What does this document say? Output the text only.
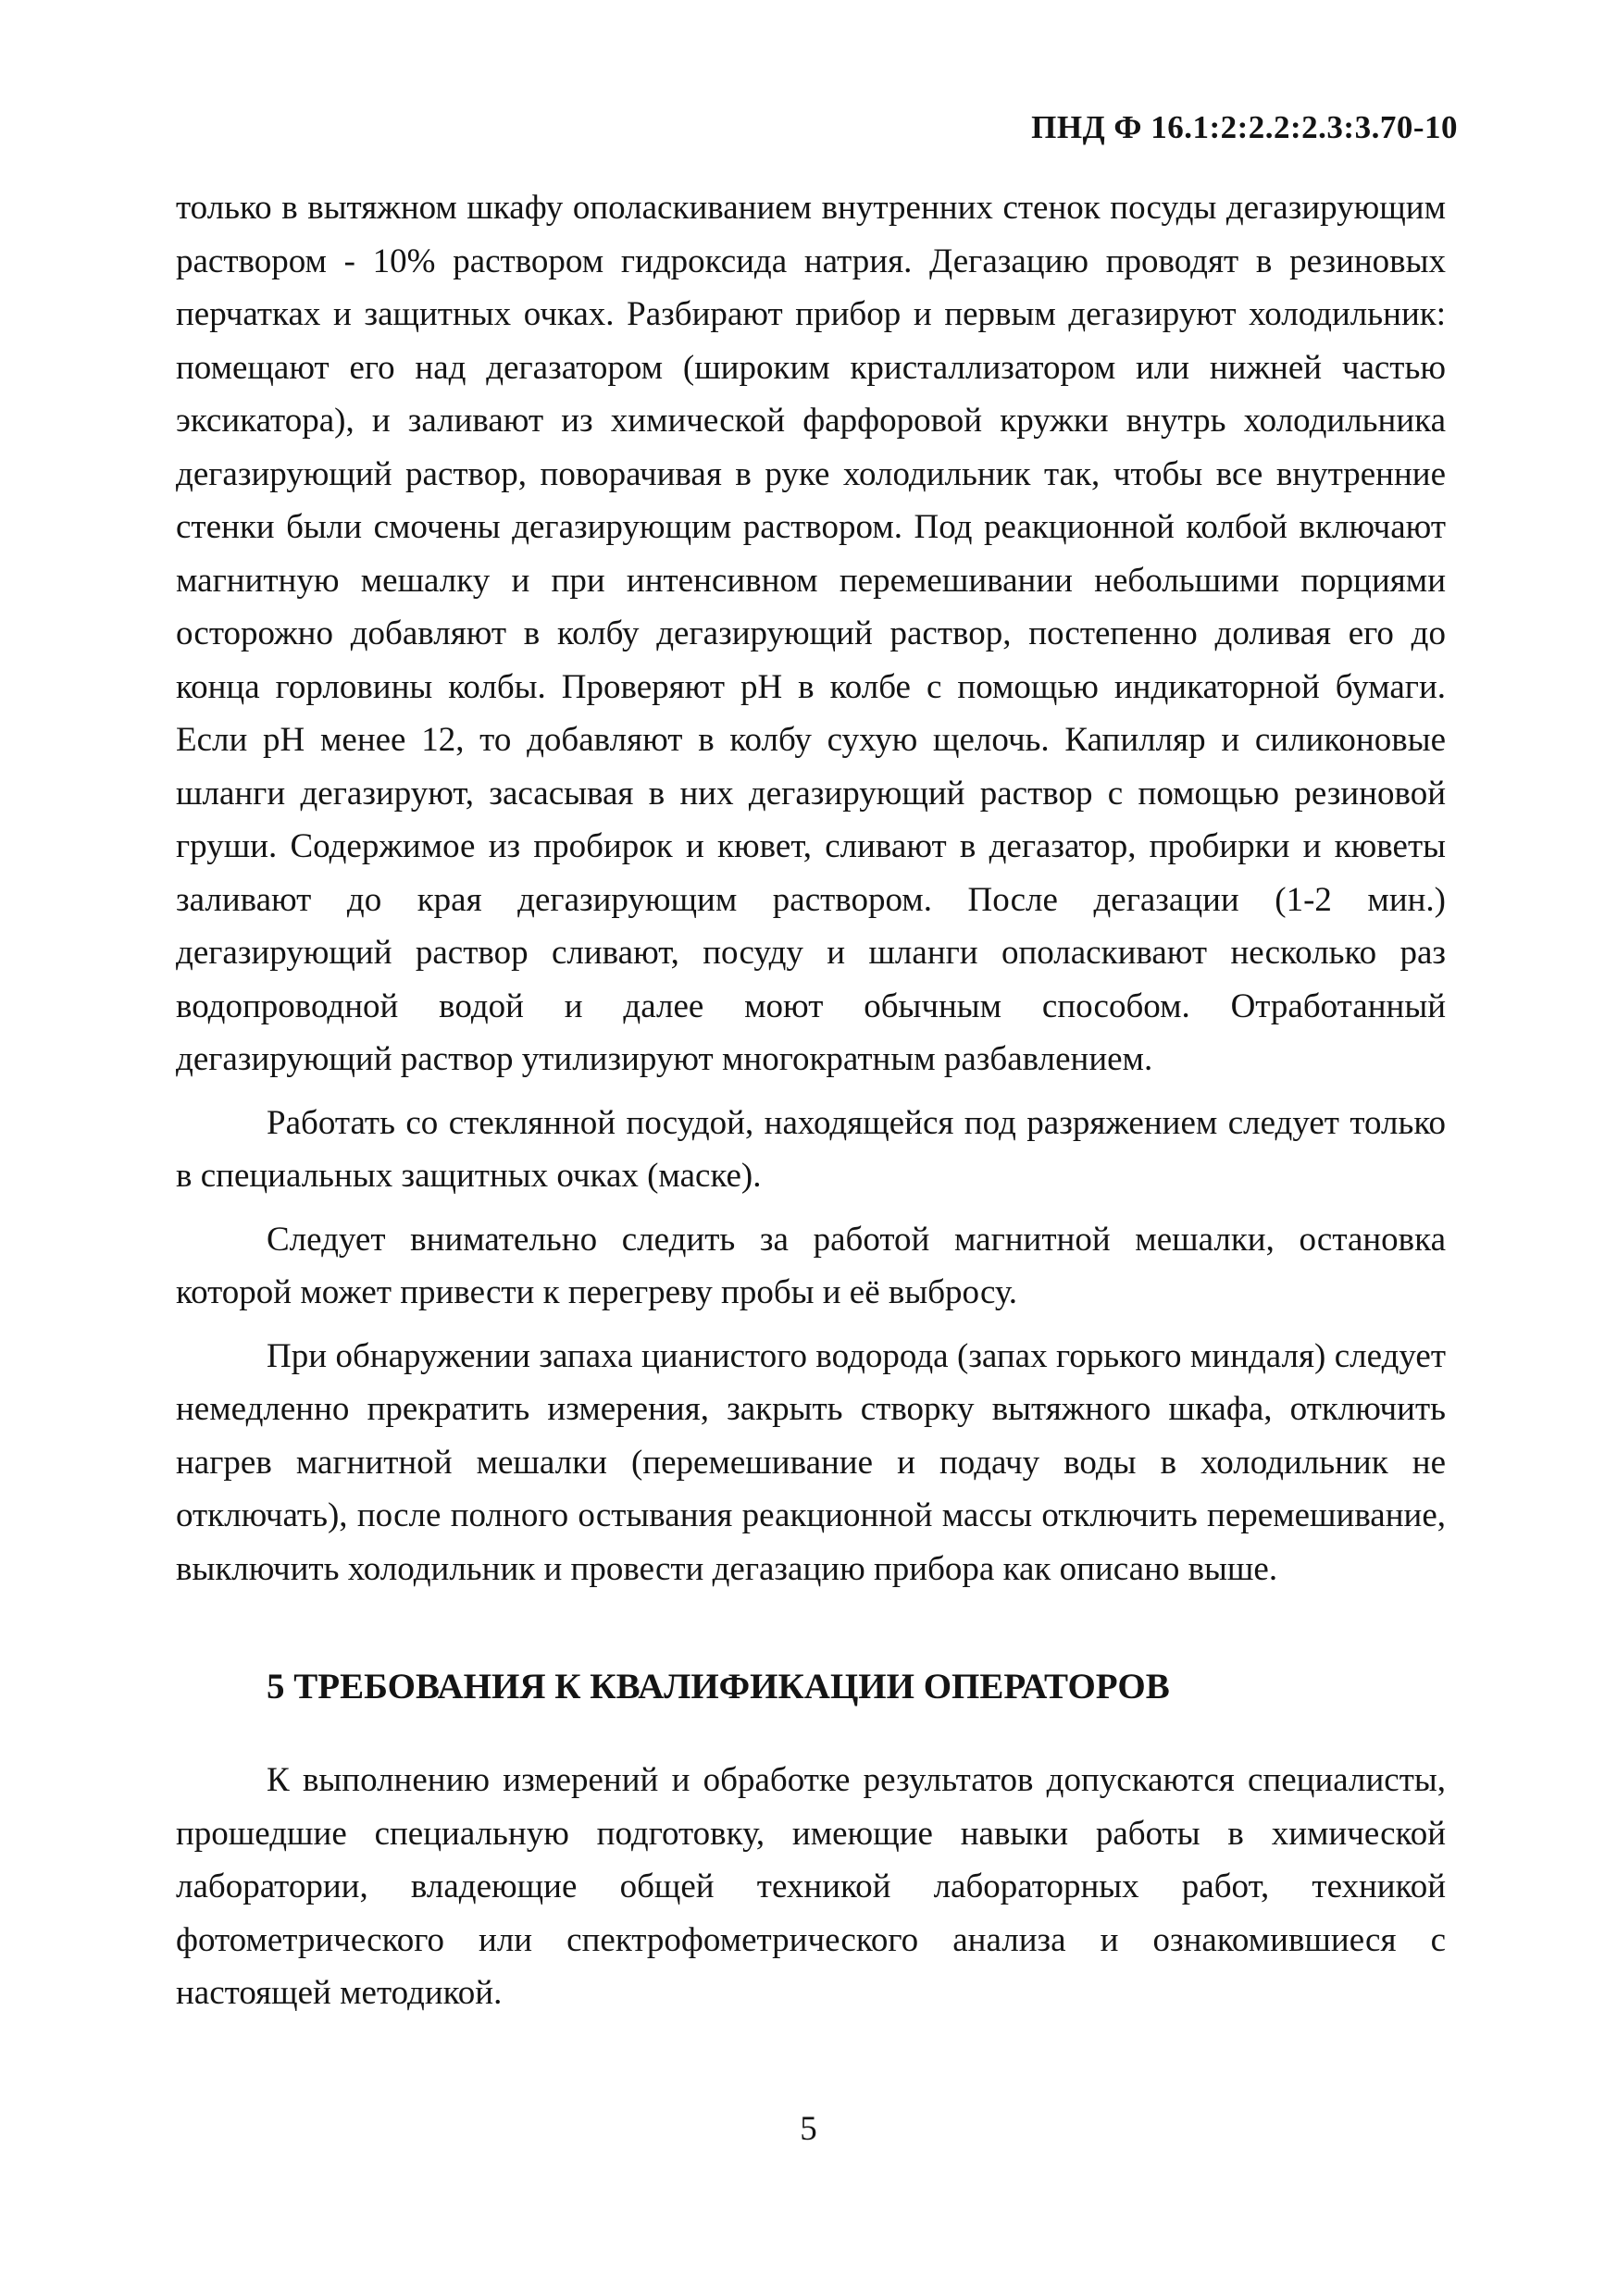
ПНД Ф 16.1:2:2.2:2.3:3.70-10

только в вытяжном шкафу ополаскиванием внутренних стенок посуды дегазирующим раствором - 10% раствором гидроксида натрия. Дегазацию проводят в резиновых перчатках и защитных очках. Разбирают прибор и первым дегазируют холодильник: помещают его над дегазатором (широким кристаллизатором или нижней частью эксикатора), и заливают из химической фарфоровой кружки внутрь холодильника дегазирующий раствор, поворачивая в руке холодильник так, чтобы все внутренние стенки были смочены дегазирующим раствором. Под реакционной колбой включают магнитную мешалку и при интенсивном перемешивании небольшими порциями осторожно добавляют в колбу дегазирующий раствор, постепенно доливая его до конца горловины колбы. Проверяют pH в колбе с помощью индикаторной бумаги. Если pH менее 12, то добавляют в колбу сухую щелочь. Капилляр и силиконовые шланги дегазируют, засасывая в них дегазирующий раствор с помощью резиновой груши. Содержимое из пробирок и кювет, сливают в дегазатор, пробирки и кюветы заливают до края дегазирующим раствором. После дегазации (1-2 мин.) дегазирующий раствор сливают, посуду и шланги ополаскивают несколько раз водопроводной водой и далее моют обычным способом. Отработанный дегазирующий раствор утилизируют многократным разбавлением.

Работать со стеклянной посудой, находящейся под разряжением следует только в специальных защитных очках (маске).

Следует внимательно следить за работой магнитной мешалки, остановка которой может привести к перегреву пробы и её выбросу.

При обнаружении запаха цианистого водорода (запах горького миндаля) следует немедленно прекратить измерения, закрыть створку вытяжного шкафа, отключить нагрев магнитной мешалки (перемешивание и подачу воды в холодильник не отключать), после полного остывания реакционной массы отключить перемешивание, выключить холодильник и провести дегазацию прибора как описано выше.

5 ТРЕБОВАНИЯ К КВАЛИФИКАЦИИ ОПЕРАТОРОВ

К выполнению измерений и обработке результатов допускаются специалисты, прошедшие специальную подготовку, имеющие навыки работы в химической лаборатории, владеющие общей техникой лабораторных работ, техникой фотометрического или спектрофометрического анализа и ознакомившиеся с настоящей методикой.

5
